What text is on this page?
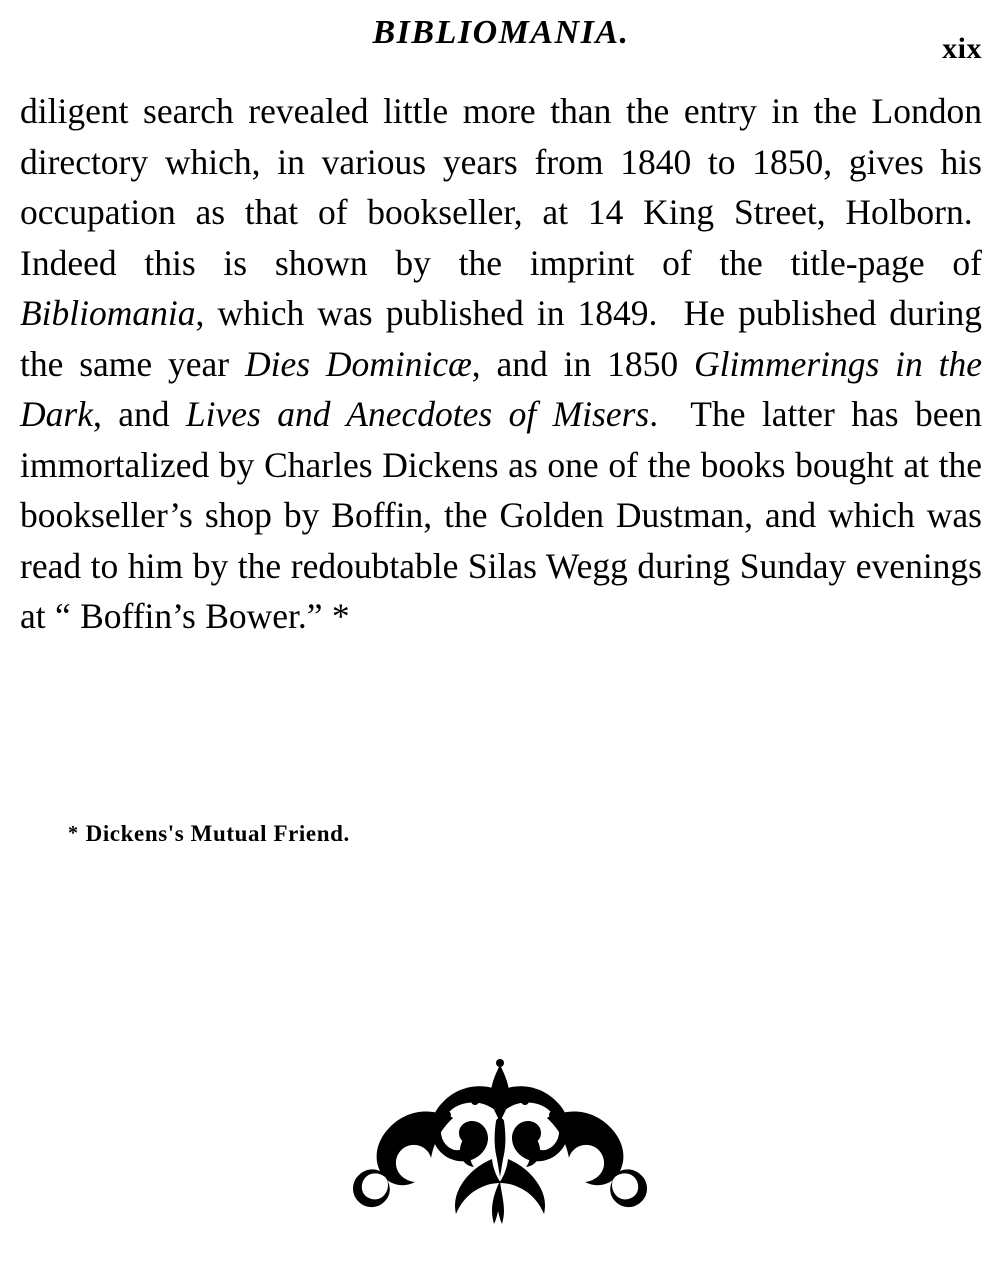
BIBLIOMANIA.	xix

diligent search revealed little more than the entry in the London directory which, in various years from 1840 to 1850, gives his occupation as that of bookseller, at 14 King Street, Holborn.  Indeed this is shown by the imprint of the title-page of Bibliomania, which was published in 1849.  He published during the same year Dies Dominicæ, and in 1850 Glimmerings in the Dark, and Lives and Anecdotes of Misers.  The latter has been immortalized by Charles Dickens as one of the books bought at the bookseller’s shop by Boffin, the Golden Dustman, and which was read to him by the redoubtable Silas Wegg during Sunday evenings at “ Boffin’s Bower.” *

* Dickens's Mutual Friend.
